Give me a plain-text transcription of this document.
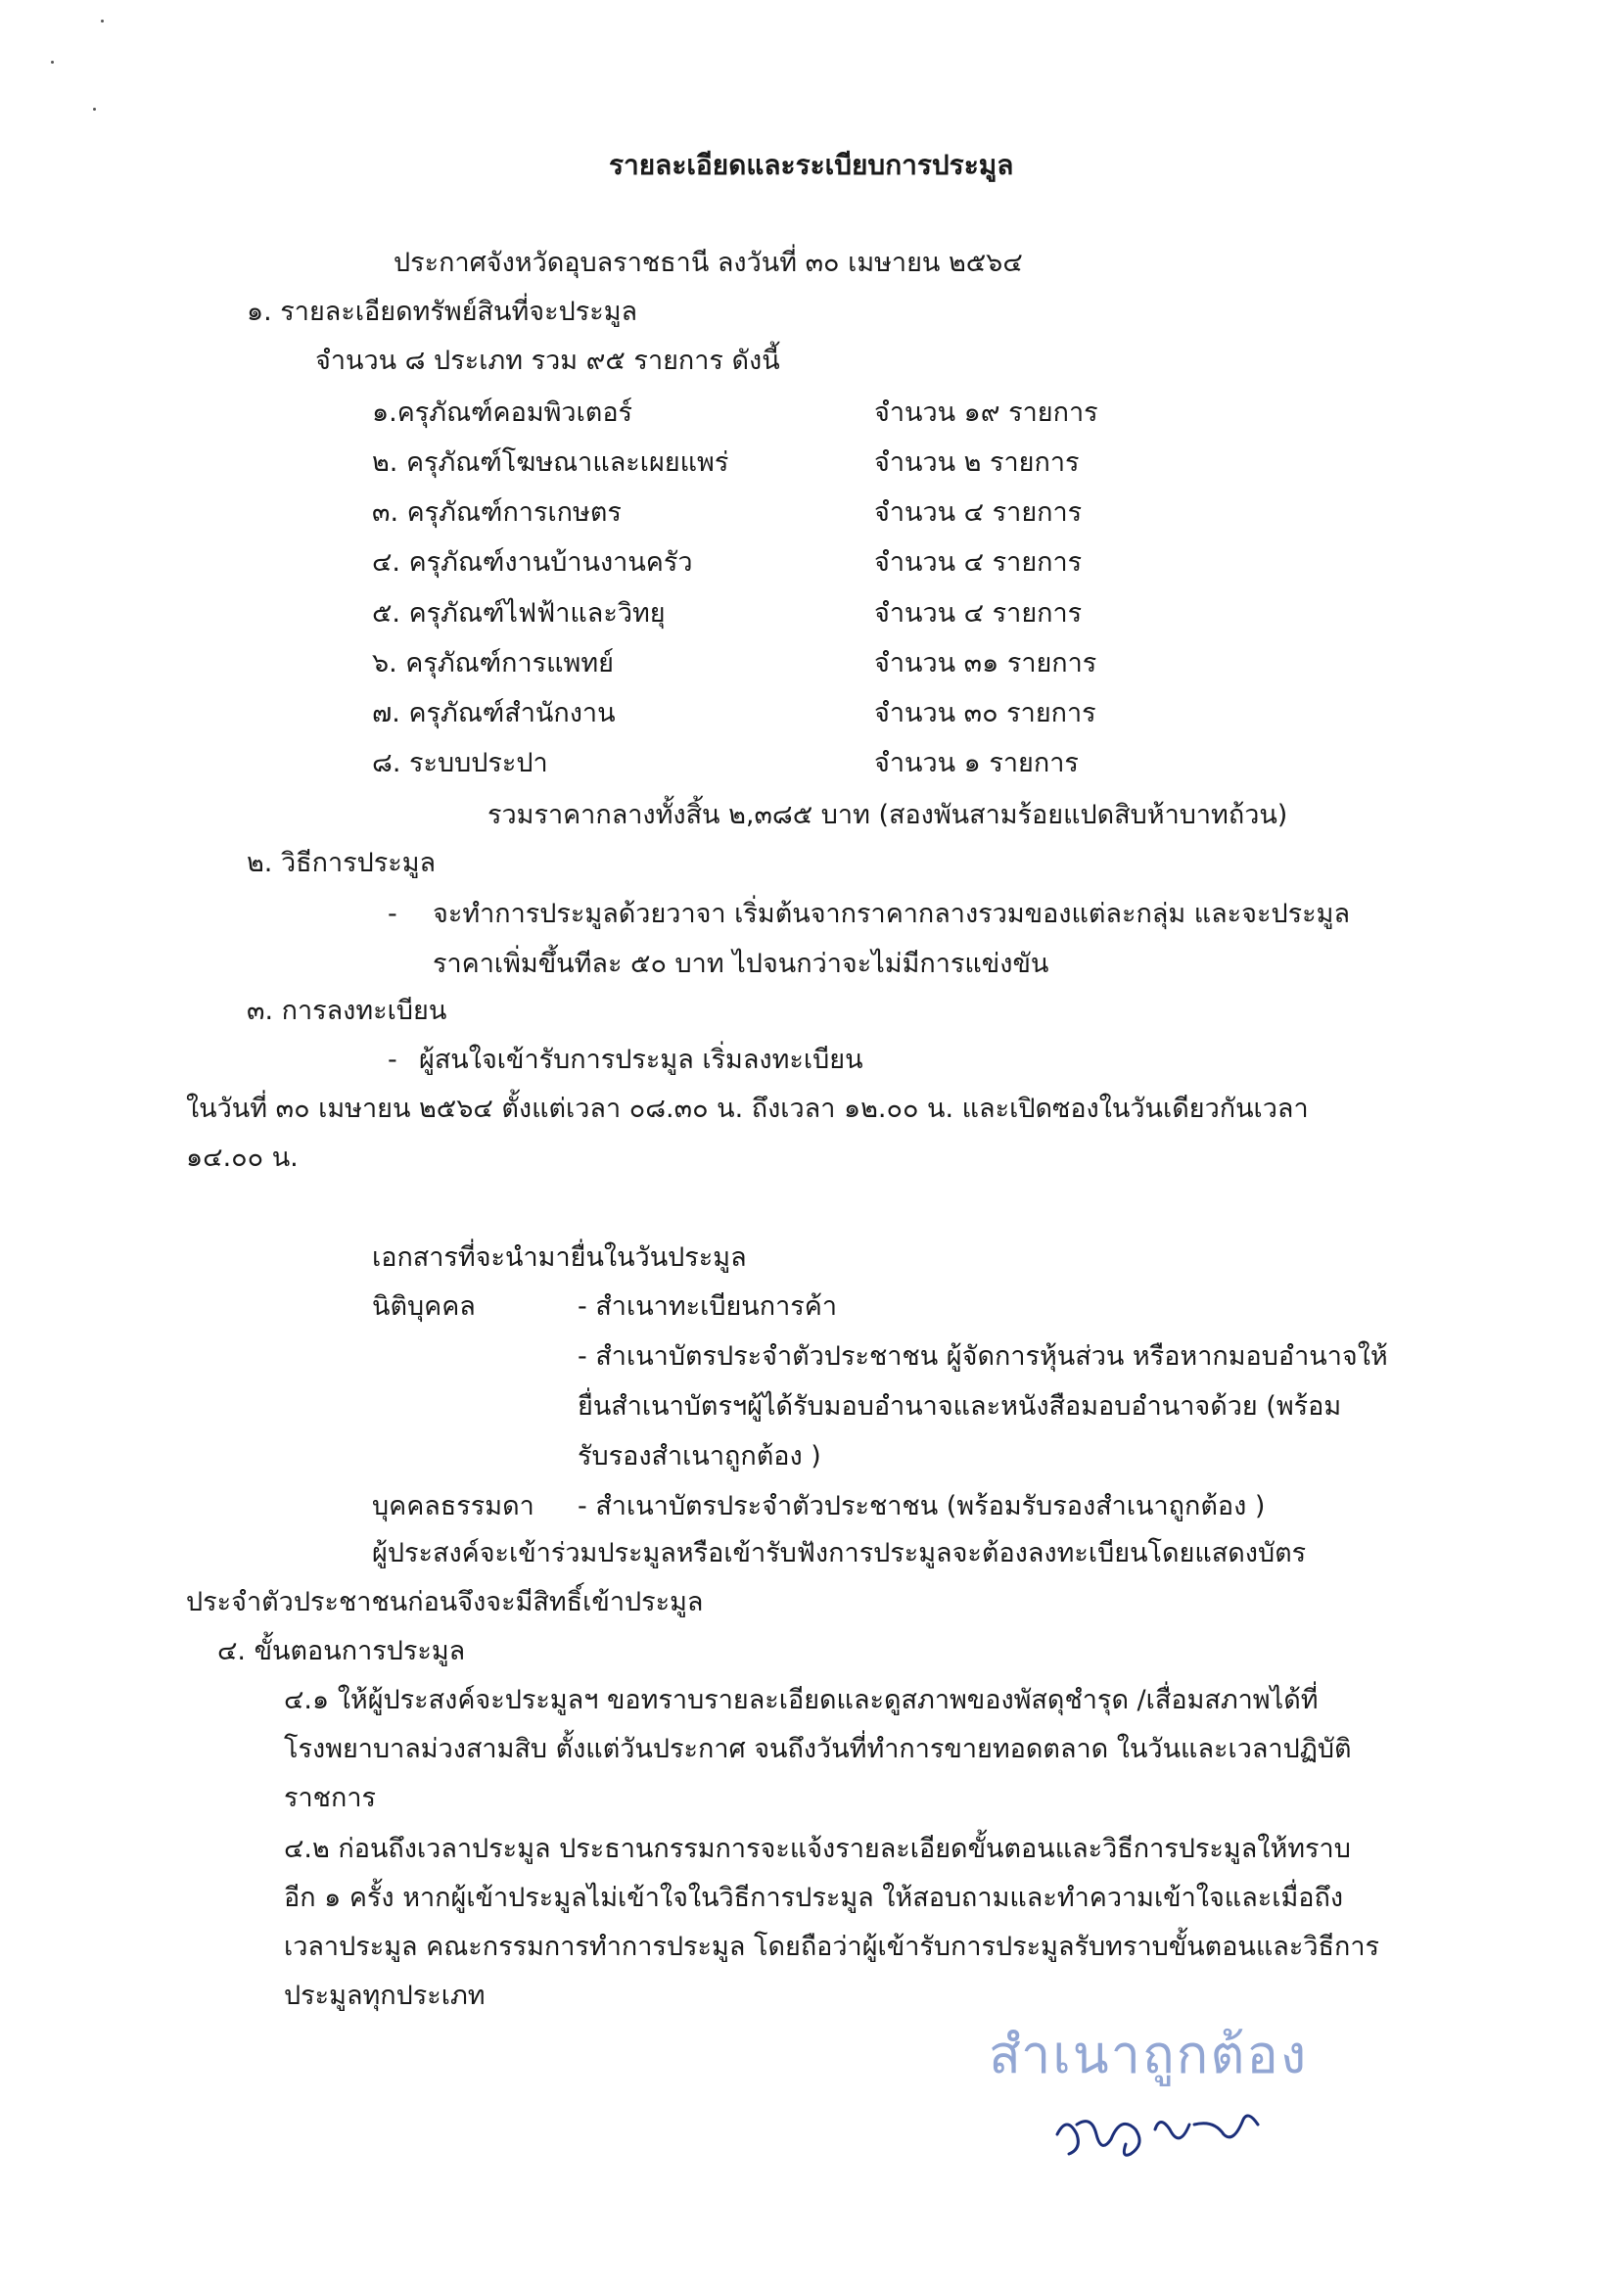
รายละเอียดและระเบียบการประมูล
ประกาศจังหวัดอุบลราชธานี ลงวันที่ ๓๐ เมษายน ๒๕๖๔
๑. รายละเอียดทรัพย์สินที่จะประมูล
จำนวน ๘ ประเภท รวม ๙๕ รายการ ดังนี้
๑.ครุภัณฑ์คอมพิวเตอร์	จำนวน ๑๙ รายการ
๒. ครุภัณฑ์โฆษณาและเผยแพร่	จำนวน ๒ รายการ
๓. ครุภัณฑ์การเกษตร	จำนวน ๔ รายการ
๔. ครุภัณฑ์งานบ้านงานครัว	จำนวน ๔ รายการ
๕. ครุภัณฑ์ไฟฟ้าและวิทยุ	จำนวน ๔ รายการ
๖. ครุภัณฑ์การแพทย์	จำนวน ๓๑ รายการ
๗. ครุภัณฑ์สำนักงาน	จำนวน ๓๐ รายการ
๘. ระบบประปา	จำนวน ๑ รายการ
รวมราคากลางทั้งสิ้น ๒,๓๘๕ บาท (สองพันสามร้อยแปดสิบห้าบาทถ้วน)
๒. วิธีการประมูล
- จะทำการประมูลด้วยวาจา เริ่มต้นจากราคากลางรวมของแต่ละกลุ่ม และจะประมูล
ราคาเพิ่มขึ้นทีละ ๕๐ บาท ไปจนกว่าจะไม่มีการแข่งขัน
๓. การลงทะเบียน
- ผู้สนใจเข้ารับการประมูล เริ่มลงทะเบียน
ในวันที่ ๓๐ เมษายน ๒๕๖๔ ตั้งแต่เวลา ๐๘.๓๐ น. ถึงเวลา ๑๒.๐๐ น. และเปิดซองในวันเดียวกันเวลา
๑๔.๐๐ น.
เอกสารที่จะนำมายื่นในวันประมูล
นิติบุคคล	- สำเนาทะเบียนการค้า
- สำเนาบัตรประจำตัวประชาชน ผู้จัดการหุ้นส่วน หรือหากมอบอำนาจให้
ยื่นสำเนาบัตรฯผู้ได้รับมอบอำนาจและหนังสือมอบอำนาจด้วย (พร้อม
รับรองสำเนาถูกต้อง )
บุคคลธรรมดา - สำเนาบัตรประจำตัวประชาชน (พร้อมรับรองสำเนาถูกต้อง )
ผู้ประสงค์จะเข้าร่วมประมูลหรือเข้ารับฟังการประมูลจะต้องลงทะเบียนโดยแสดงบัตร
ประจำตัวประชาชนก่อนจึงจะมีสิทธิ์เข้าประมูล
๔. ขั้นตอนการประมูล
๔.๑ ให้ผู้ประสงค์จะประมูลฯ ขอทราบรายละเอียดและดูสภาพของพัสดุชำรุด /เสื่อมสภาพได้ที่
โรงพยาบาลม่วงสามสิบ ตั้งแต่วันประกาศ จนถึงวันที่ทำการขายทอดตลาด ในวันและเวลาปฏิบัติ
ราชการ
๔.๒ ก่อนถึงเวลาประมูล ประธานกรรมการจะแจ้งรายละเอียดขั้นตอนและวิธีการประมูลให้ทราบ
อีก ๑ ครั้ง หากผู้เข้าประมูลไม่เข้าใจในวิธีการประมูล ให้สอบถามและทำความเข้าใจและเมื่อถึง
เวลาประมูล คณะกรรมการทำการประมูล โดยถือว่าผู้เข้ารับการประมูลรับทราบขั้นตอนและวิธีการ
ประมูลทุกประเภท
สำเนาถูกต้อง
